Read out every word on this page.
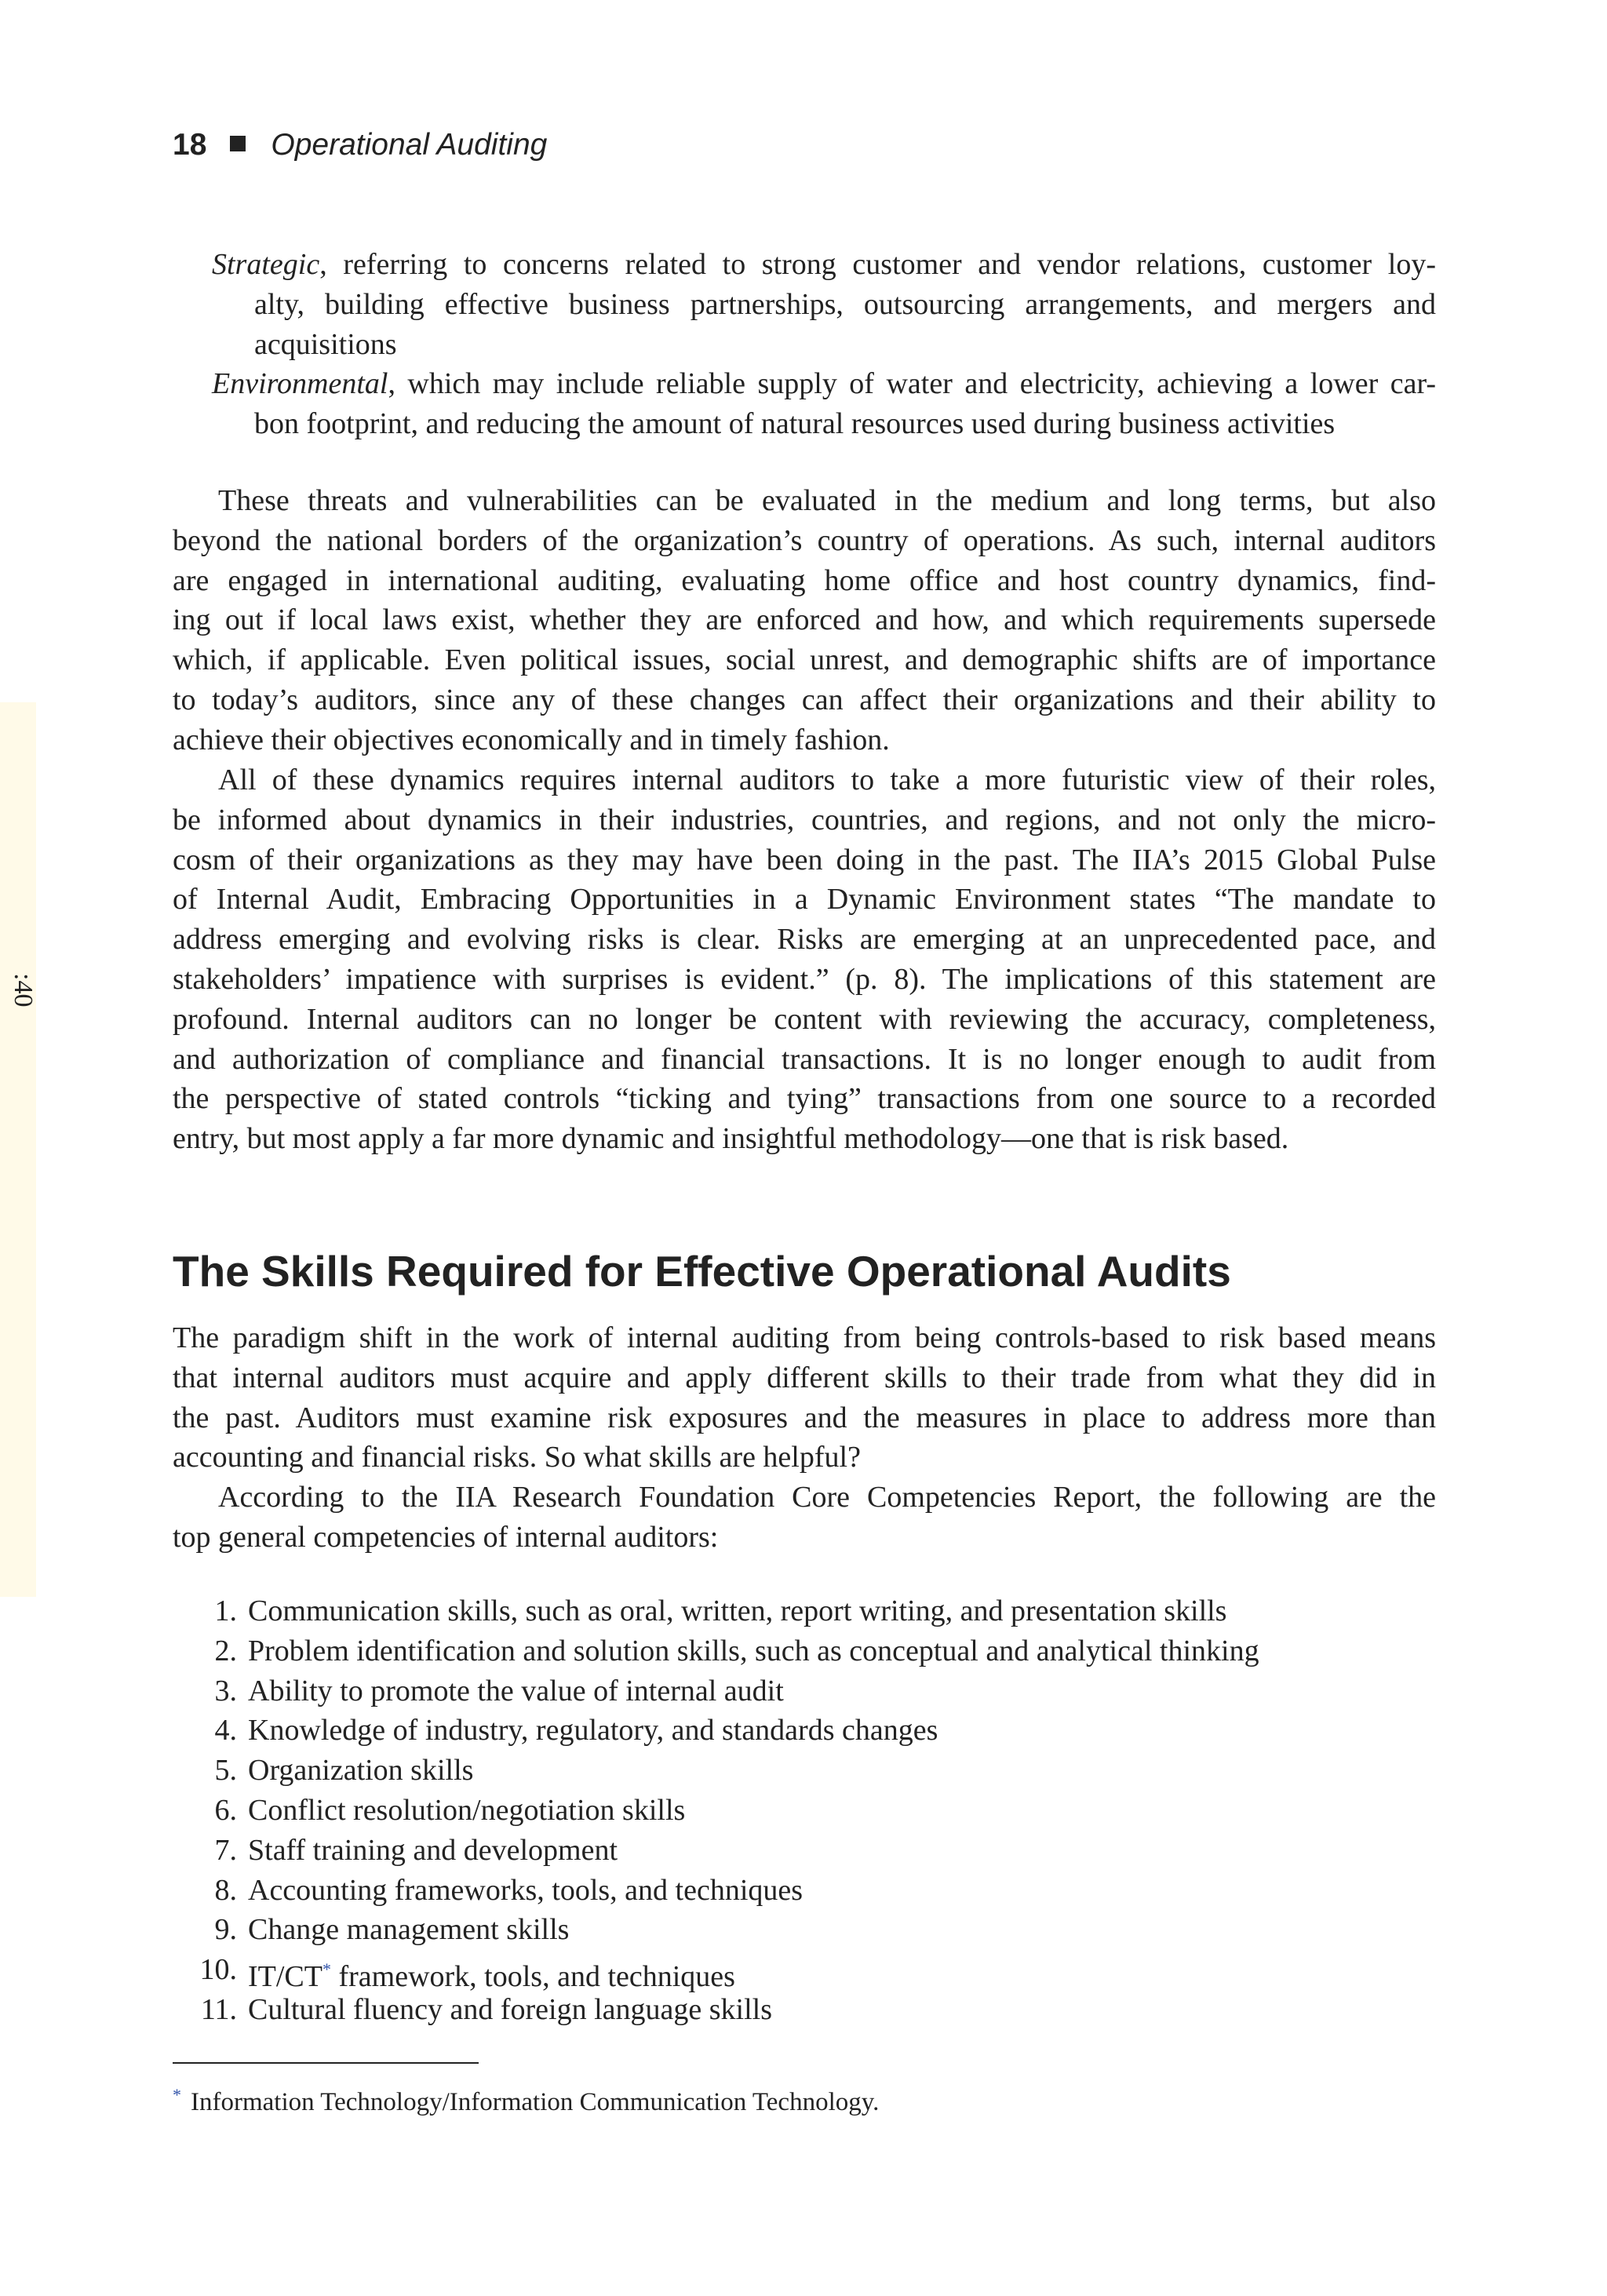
:40
18 Operational Auditing
Strategic, referring to concerns related to strong customer and vendor relations, customer loy-
alty, building effective business partnerships, outsourcing arrangements, and mergers and
acquisitions
Environmental, which may include reliable supply of water and electricity, achieving a lower car-
bon footprint, and reducing the amount of natural resources used during business activities
These threats and vulnerabilities can be evaluated in the medium and long terms, but also
beyond the national borders of the organization’s country of operations. As such, internal auditors
are engaged in international auditing, evaluating home office and host country dynamics, find-
ing out if local laws exist, whether they are enforced and how, and which requirements supersede
which, if applicable. Even political issues, social unrest, and demographic shifts are of importance
to today’s auditors, since any of these changes can affect their organizations and their ability to
achieve their objectives economically and in timely fashion.
All of these dynamics requires internal auditors to take a more futuristic view of their roles,
be informed about dynamics in their industries, countries, and regions, and not only the micro-
cosm of their organizations as they may have been doing in the past. The IIA’s 2015 Global Pulse
of Internal Audit, Embracing Opportunities in a Dynamic Environment states “The mandate to
address emerging and evolving risks is clear. Risks are emerging at an unprecedented pace, and
stakeholders’ impatience with surprises is evident.” (p. 8). The implications of this statement are
profound. Internal auditors can no longer be content with reviewing the accuracy, completeness,
and authorization of compliance and financial transactions. It is no longer enough to audit from
the perspective of stated controls “ticking and tying” transactions from one source to a recorded
entry, but most apply a far more dynamic and insightful methodology—one that is risk based.
The Skills Required for Effective Operational Audits
The paradigm shift in the work of internal auditing from being controls-based to risk based means
that internal auditors must acquire and apply different skills to their trade from what they did in
the past. Auditors must examine risk exposures and the measures in place to address more than
accounting and financial risks. So what skills are helpful?
According to the IIA Research Foundation Core Competencies Report, the following are the
top general competencies of internal auditors:
1. Communication skills, such as oral, written, report writing, and presentation skills
2. Problem identification and solution skills, such as conceptual and analytical thinking
3. Ability to promote the value of internal audit
4. Knowledge of industry, regulatory, and standards changes
5. Organization skills
6. Conflict resolution/negotiation skills
7. Staff training and development
8. Accounting frameworks, tools, and techniques
9. Change management skills
10. IT/CT* framework, tools, and techniques
11. Cultural fluency and foreign language skills
* Information Technology/Information Communication Technology.
